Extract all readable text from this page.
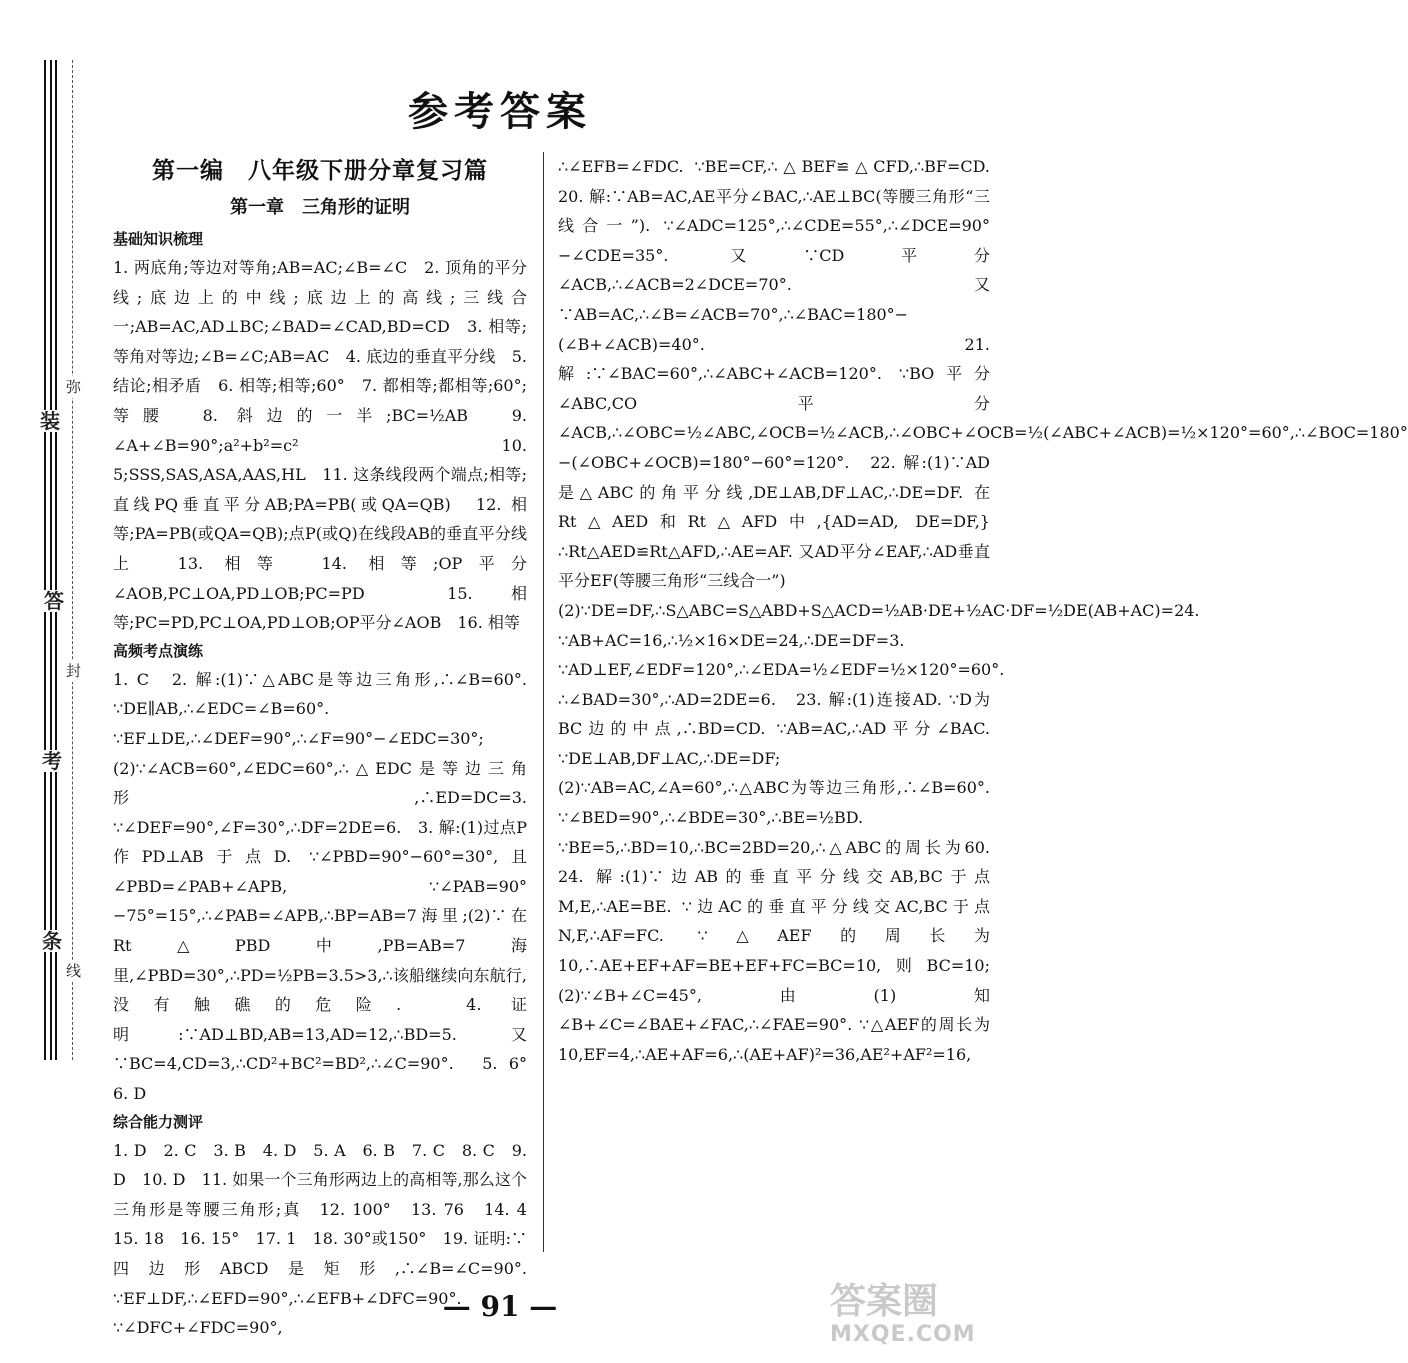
弥
装
答
封
考
条
线
参考答案
第一编　八年级下册分章复习篇
第一章　三角形的证明
基础知识梳理

1. 两底角;等边对等角;AB=AC;∠B=∠C　2. 顶角的平分线;底边上的中线;底边上的高线;三线合一;AB=AC,AD⊥BC;∠BAD=∠CAD,BD=CD　3. 相等;等角对等边;∠B=∠C;AB=AC　4. 底边的垂直平分线　5. 结论;相矛盾　6. 相等;相等;60°　7. 都相等;都相等;60°;等腰　8. 斜边的一半;BC=½AB　9. ∠A+∠B=90°;a²+b²=c²　10. 5;SSS,SAS,ASA,AAS,HL　11. 这条线段两个端点;相等;直线PQ垂直平分AB;PA=PB(或QA=QB)　12. 相等;PA=PB(或QA=QB);点P(或Q)在线段AB的垂直平分线上　13. 相等　14. 相等;OP平分∠AOB,PC⊥OA,PD⊥OB;PC=PD　15. 相等;PC=PD,PC⊥OA,PD⊥OB;OP平分∠AOB　16. 相等

高频考点演练

1. C　2. 解:(1)∵△ABC是等边三角形,∴∠B=60°. ∵DE∥AB,∴∠EDC=∠B=60°. ∵EF⊥DE,∴∠DEF=90°,∴∠F=90°−∠EDC=30°;(2)∵∠ACB=60°,∠EDC=60°,∴△EDC是等边三角形,∴ED=DC=3. ∵∠DEF=90°,∠F=30°,∴DF=2DE=6.　3. 解:(1)过点P作PD⊥AB于点D. ∵∠PBD=90°−60°=30°,且∠PBD=∠PAB+∠APB, ∵∠PAB=90°−75°=15°,∴∠PAB=∠APB,∴BP=AB=7海里;(2)∵在Rt△PBD中,PB=AB=7海里,∠PBD=30°,∴PD=½PB=3.5>3,∴该船继续向东航行,没有触礁的危险.　4. 证明:∵AD⊥BD,AB=13,AD=12,∴BD=5. 又∵BC=4,CD=3,∴CD²+BC²=BD²,∴∠C=90°.　5. 6°　6. D

综合能力测评

1. D　2. C　3. B　4. D　5. A　6. B　7. C　8. C　9. D　10. D　11. 如果一个三角形两边上的高相等,那么这个三角形是等腰三角形;真　12. 100°　13. 76　14. 4　15. 18　16. 15°　17. 1　18. 30°或150°　19. 证明:∵四边形ABCD是矩形,∴∠B=∠C=90°. ∵EF⊥DF,∴∠EFD=90°,∴∠EFB+∠DFC=90°. ∵∠DFC+∠FDC=90°,

∴∠EFB=∠FDC. ∵BE=CF,∴△BEF≌△CFD,∴BF=CD.　20. 解:∵AB=AC,AE平分∠BAC,∴AE⊥BC(等腰三角形“三线合一”). ∵∠ADC=125°,∴∠CDE=55°,∴∠DCE=90°−∠CDE=35°. 又∵CD平分∠ACB,∴∠ACB=2∠DCE=70°. 又∵AB=AC,∴∠B=∠ACB=70°,∴∠BAC=180°−(∠B+∠ACB)=40°.　21. 解:∵∠BAC=60°,∴∠ABC+∠ACB=120°. ∵BO平分∠ABC,CO平分∠ACB,∴∠OBC=½∠ABC,∠OCB=½∠ACB,∴∠OBC+∠OCB=½(∠ABC+∠ACB)=½×120°=60°,∴∠BOC=180°−(∠OBC+∠OCB)=180°−60°=120°.　22. 解:(1)∵AD是△ABC的角平分线,DE⊥AB,DF⊥AC,∴DE=DF. 在Rt△AED和Rt△AFD中,{AD=AD, DE=DF,}∴Rt△AED≌Rt△AFD,∴AE=AF. 又AD平分∠EAF,∴AD垂直平分EF(等腰三角形“三线合一”)

(2)∵DE=DF,∴S△ABC=S△ABD+S△ACD=½AB·DE+½AC·DF=½DE(AB+AC)=24. ∵AB+AC=16,∴½×16×DE=24,∴DE=DF=3. ∵AD⊥EF,∠EDF=120°,∴∠EDA=½∠EDF=½×120°=60°. ∴∠BAD=30°,∴AD=2DE=6.　23. 解:(1)连接AD. ∵D为BC边的中点,∴BD=CD. ∵AB=AC,∴AD平分∠BAC. ∵DE⊥AB,DF⊥AC,∴DE=DF;(2)∵AB=AC,∠A=60°,∴△ABC为等边三角形,∴∠B=60°. ∵∠BED=90°,∴∠BDE=30°,∴BE=½BD. ∵BE=5,∴BD=10,∴BC=2BD=20,∴△ABC的周长为60.　24. 解:(1)∵边AB的垂直平分线交AB,BC于点M,E,∴AE=BE. ∵边AC的垂直平分线交AC,BC于点N,F,∴AF=FC. ∵△AEF的周长为10,∴AE+EF+AF=BE+EF+FC=BC=10,则BC=10;(2)∵∠B+∠C=45°,由(1)知∠B+∠C=∠BAE+∠FAC,∴∠FAE=90°. ∵△AEF的周长为10,EF=4,∴AE+AF=6,∴(AE+AF)²=36,AE²+AF²=16,

— 91 —	答案圈
MXQE.COM
